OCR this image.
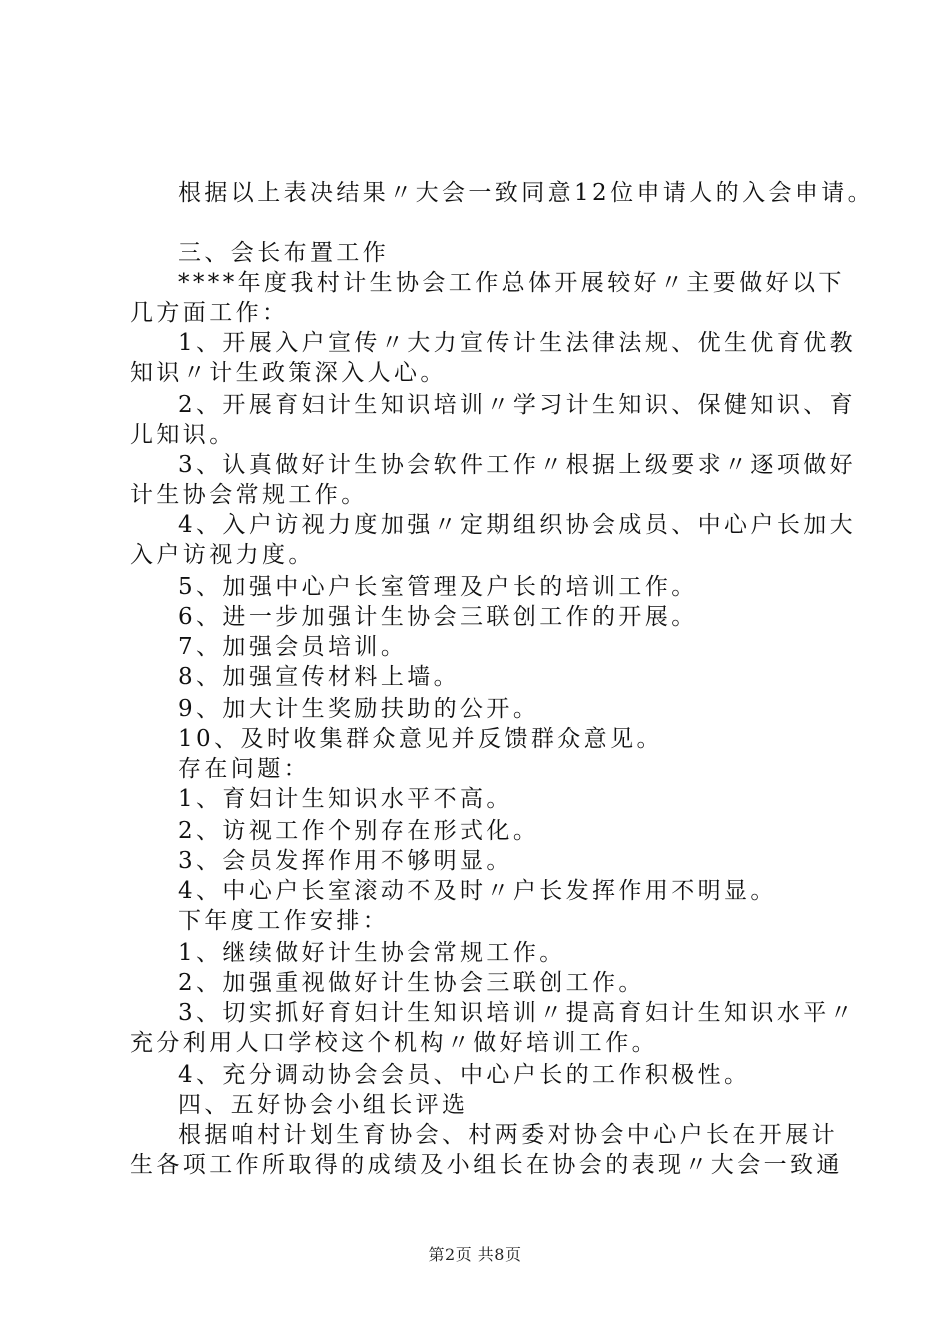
根据以上表决结果〃大会一致同意12位申请人的入会申请。
三、会长布置工作
****年度我村计生协会工作总体开展较好〃主要做好以下
几方面工作：
1、开展入户宣传〃大力宣传计生法律法规、优生优育优教
知识〃计生政策深入人心。
2、开展育妇计生知识培训〃学习计生知识、保健知识、育
儿知识。
3、认真做好计生协会软件工作〃根据上级要求〃逐项做好
计生协会常规工作。
4、入户访视力度加强〃定期组织协会成员、中心户长加大
入户访视力度。
5、加强中心户长室管理及户长的培训工作。
6、进一步加强计生协会三联创工作的开展。
7、加强会员培训。
8、加强宣传材料上墙。
9、加大计生奖励扶助的公开。
10、及时收集群众意见并反馈群众意见。
存在问题：
1、育妇计生知识水平不高。
2、访视工作个别存在形式化。
3、会员发挥作用不够明显。
4、中心户长室滚动不及时〃户长发挥作用不明显。
下年度工作安排：
1、继续做好计生协会常规工作。
2、加强重视做好计生协会三联创工作。
3、切实抓好育妇计生知识培训〃提高育妇计生知识水平〃
充分利用人口学校这个机构〃做好培训工作。
4、充分调动协会会员、中心户长的工作积极性。
四、五好协会小组长评选
根据咱村计划生育协会、村两委对协会中心户长在开展计
生各项工作所取得的成绩及小组长在协会的表现〃大会一致通
第2页 共8页
